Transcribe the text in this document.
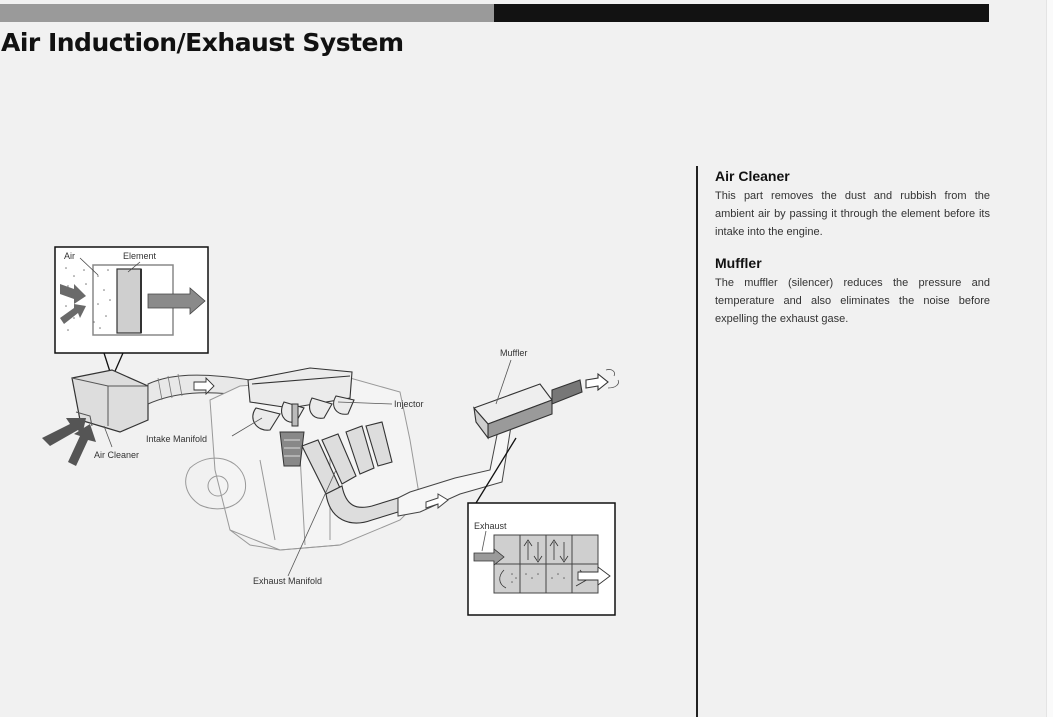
Air Induction/Exhaust System
Air	Element
Muffler
Injector
Intake Manifold
Air Cleaner
Exhaust Manifold
Exhaust
Air Cleaner

This part removes the dust and rubbish from the ambient air by passing it through the element before its intake into the engine.

Muffler

The muffler (silencer) reduces the pressure and temperature and also eliminates the noise before expelling the exhaust gase.
